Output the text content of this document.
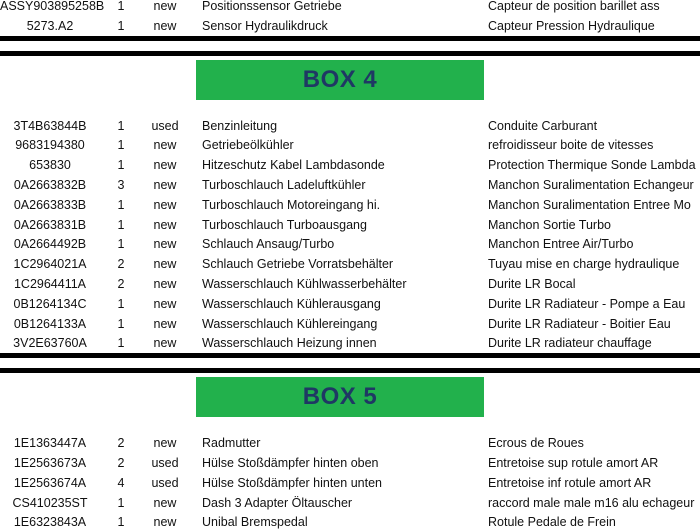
ASSY903895258B	1	new	Positionssensor Getriebe	Capteur de position barillet ass
5273.A2	1	new	Sensor Hydraulikdruck	Capteur Pression Hydraulique
BOX 4
3T4B63844B	1	used	Benzinleitung	Conduite Carburant
9683194380	1	new	Getriebeölkühler	refroidisseur boite de vitesses
653830	1	new	Hitzeschutz Kabel Lambdasonde	Protection Thermique Sonde Lambda
0A2663832B	3	new	Turboschlauch Ladeluftkühler	Manchon Suralimentation Echangeur
0A2663833B	1	new	Turboschlauch Motoreingang hi.	Manchon Suralimentation Entree Mo
0A2663831B	1	new	Turboschlauch Turboausgang	Manchon Sortie Turbo
0A2664492B	1	new	Schlauch Ansaug/Turbo	Manchon Entree Air/Turbo
1C2964021A	2	new	Schlauch Getriebe Vorratsbehälter	Tuyau mise en charge hydraulique
1C2964411A	2	new	Wasserschlauch Kühlwasserbehälter	Durite LR Bocal
0B1264134C	1	new	Wasserschlauch Kühlerausgang	Durite LR Radiateur - Pompe a Eau
0B1264133A	1	new	Wasserschlauch Kühlereingang	Durite LR Radiateur - Boitier Eau
3V2E63760A	1	new	Wasserschlauch Heizung innen	Durite LR radiateur chauffage
BOX 5
1E1363447A	2	new	Radmutter	Ecrous de Roues
1E2563673A	2	used	Hülse Stoßdämpfer hinten oben	Entretoise sup rotule amort AR
1E2563674A	4	used	Hülse Stoßdämpfer hinten unten	Entretoise inf rotule amort AR
CS410235ST	1	new	Dash 3 Adapter Öltauscher	raccord male male m16 alu echageur
1E6323843A	1	new	Unibal Bremspedal	Rotule Pedale de Frein
